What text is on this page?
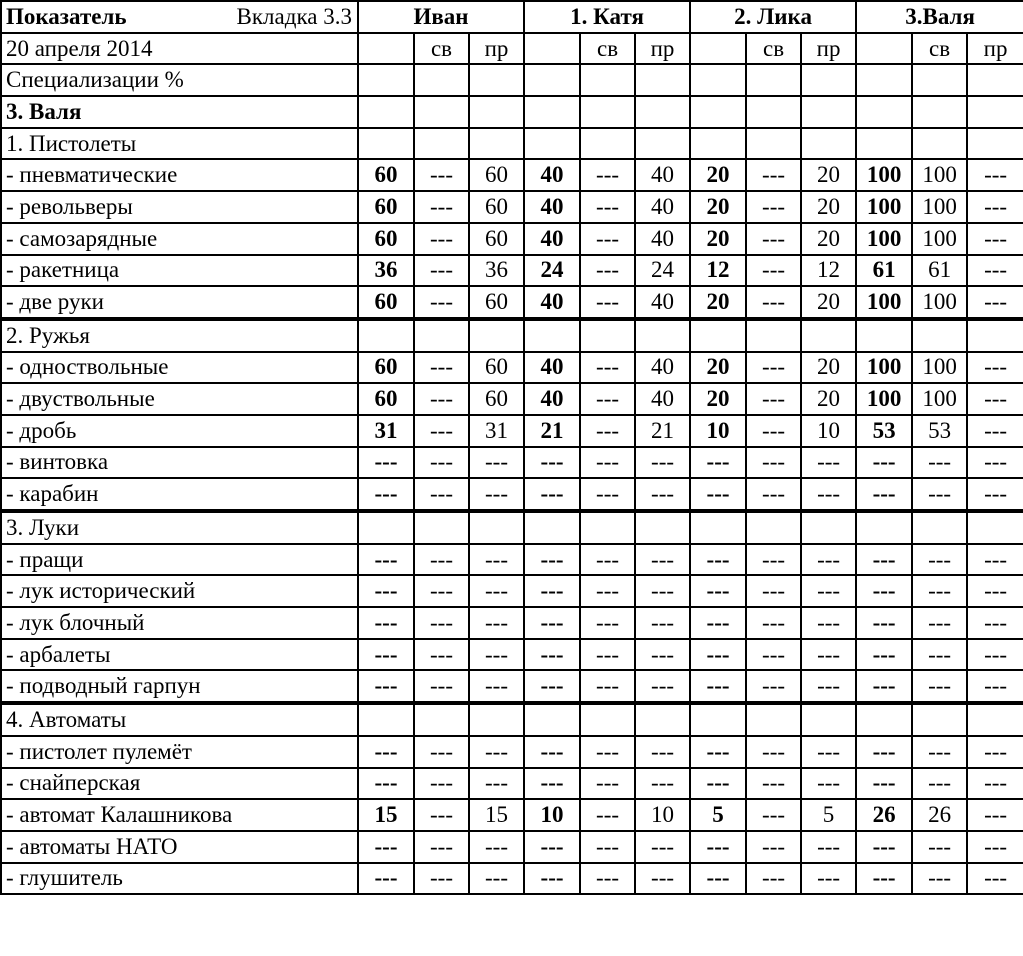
Показатель Вкладка 3.3	Иван			1. Катя			2. Лика			3.Валя		
20 апреля 2014		св	пр		св	пр		св	пр		св	пр
Специализации %												
3. Валя												
1. Пистолеты												
- пневматические	60	---	60	40	---	40	20	---	20	100	100	---
- револьверы	60	---	60	40	---	40	20	---	20	100	100	---
- самозарядные	60	---	60	40	---	40	20	---	20	100	100	---
- ракетница	36	---	36	24	---	24	12	---	12	61	61	---
- две руки	60	---	60	40	---	40	20	---	20	100	100	---
2. Ружья												
- одноствольные	60	---	60	40	---	40	20	---	20	100	100	---
- двуствольные	60	---	60	40	---	40	20	---	20	100	100	---
- дробь	31	---	31	21	---	21	10	---	10	53	53	---
- винтовка	---	---	---	---	---	---	---	---	---	---	---	---
- карабин	---	---	---	---	---	---	---	---	---	---	---	---
3. Луки												
- пращи	---	---	---	---	---	---	---	---	---	---	---	---
- лук исторический	---	---	---	---	---	---	---	---	---	---	---	---
- лук блочный	---	---	---	---	---	---	---	---	---	---	---	---
- арбалеты	---	---	---	---	---	---	---	---	---	---	---	---
- подводный гарпун	---	---	---	---	---	---	---	---	---	---	---	---
4. Автоматы												
- пистолет пулемёт	---	---	---	---	---	---	---	---	---	---	---	---
- снайперская	---	---	---	---	---	---	---	---	---	---	---	---
- автомат Калашникова	15	---	15	10	---	10	5	---	5	26	26	---
- автоматы НАТО	---	---	---	---	---	---	---	---	---	---	---	---
- глушитель	---	---	---	---	---	---	---	---	---	---	---	---
